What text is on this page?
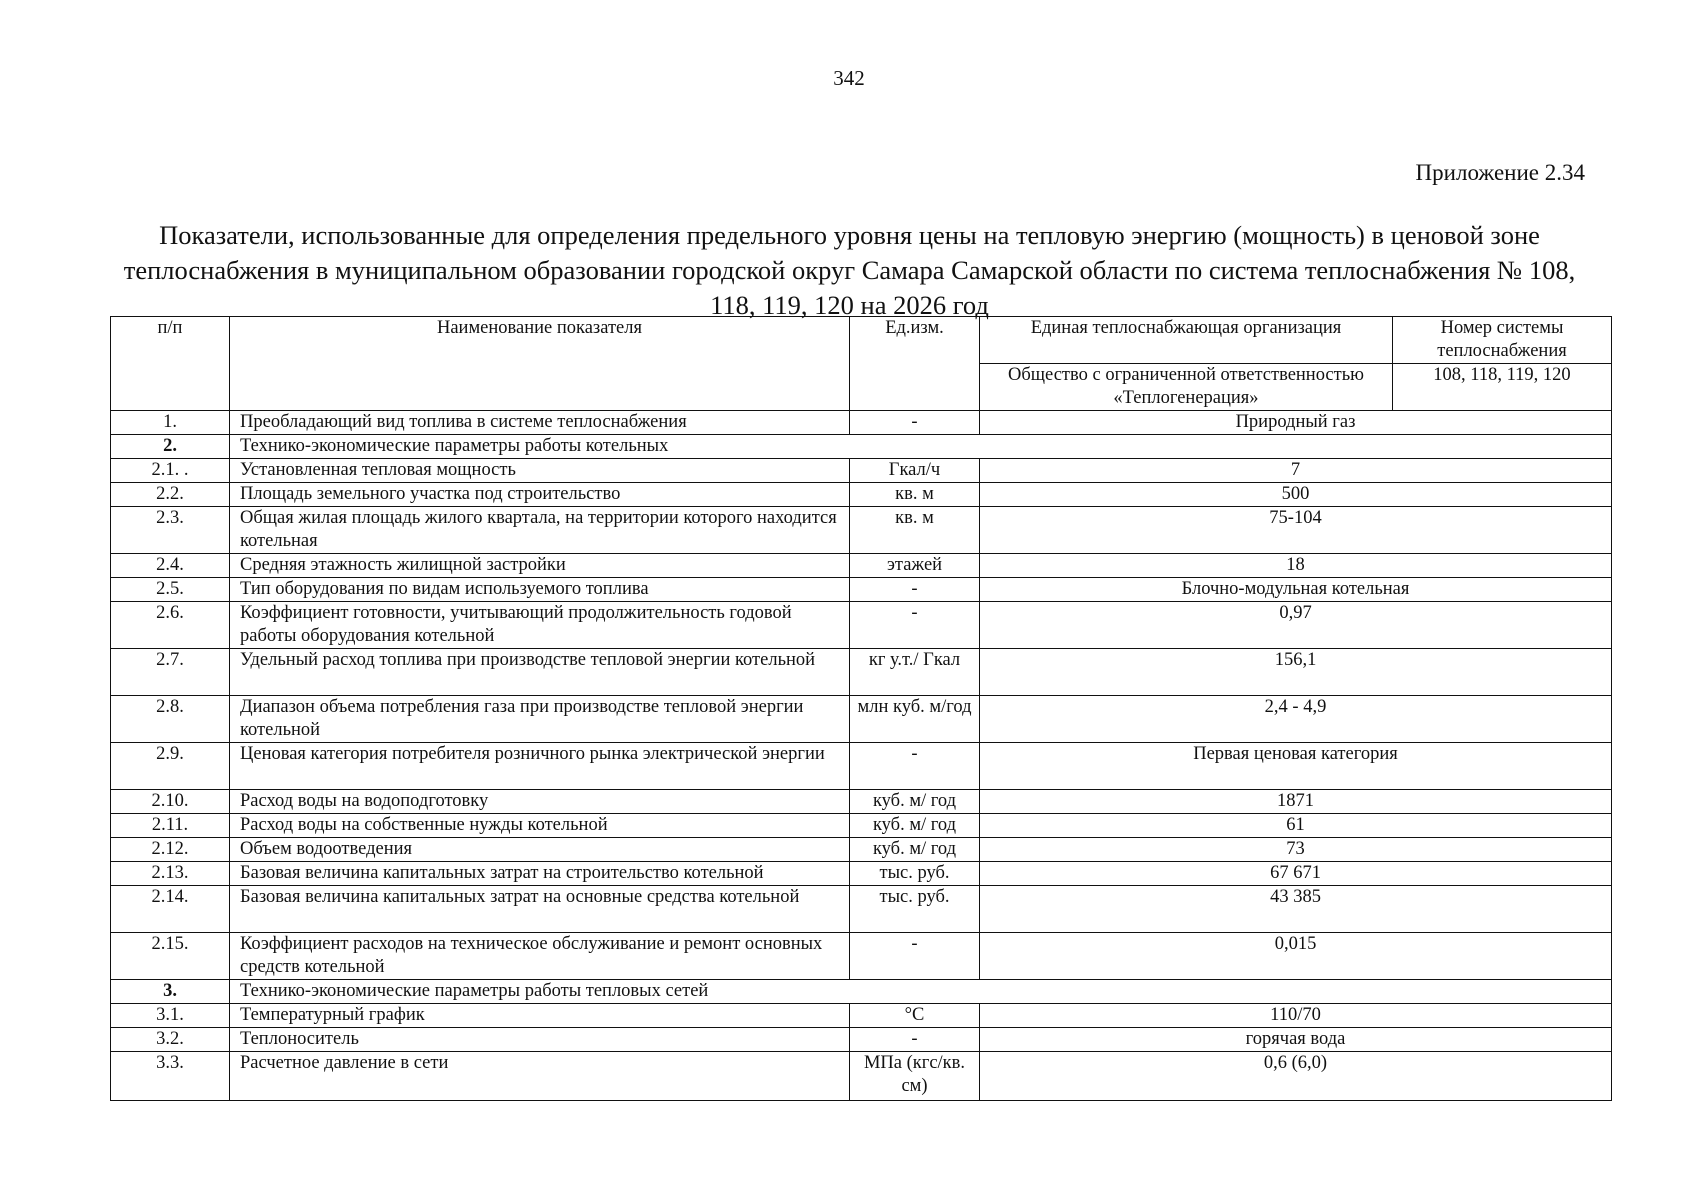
342
Приложение 2.34
Показатели, использованные для определения предельного уровня цены на тепловую энергию (мощность) в ценовой зоне теплоснабжения в муниципальном образовании городской округ Самара Самарской области по система теплоснабжения № 108, 118, 119, 120 на 2026 год
п/п	Наименование показателя	Ед.изм.	Единая теплоснабжающая организация	Номер системы теплоснабжения
			Общество с ограниченной ответственностью «Теплогенерация»	108, 118, 119, 120
1.	Преобладающий вид топлива в системе теплоснабжения	-	Природный газ	
2.	Технико-экономические параметры работы котельных			
2.1. .	Установленная тепловая мощность	Гкал/ч	7	
2.2.	Площадь земельного участка под строительство	кв. м	500	
2.3.	Общая жилая площадь жилого квартала, на территории которого находится котельная	кв. м	75-104	
2.4.	Средняя этажность жилищной застройки	этажей	18	
2.5.	Тип оборудования по видам используемого топлива	-	Блочно-модульная котельная	
2.6.	Коэффициент готовности, учитывающий продолжительность годовой работы оборудования котельной	-	0,97	
2.7.	Удельный расход топлива при производстве тепловой энергии котельной	кг у.т./ Гкал	156,1	
2.8.	Диапазон объема потребления газа при производстве тепловой энергии котельной	млн куб. м/год	2,4 - 4,9	
2.9.	Ценовая категория потребителя розничного рынка электрической энергии	-	Первая ценовая категория	
2.10.	Расход воды на водоподготовку	куб. м/ год	1871	
2.11.	Расход воды на собственные нужды котельной	куб. м/ год	61	
2.12.	Объем водоотведения	куб. м/ год	73	
2.13.	Базовая величина капитальных затрат на строительство котельной	тыс. руб.	67 671	
2.14.	Базовая величина капитальных затрат на основные средства котельной	тыс. руб.	43 385	
2.15.	Коэффициент расходов на техническое обслуживание и ремонт основных средств котельной	-	0,015	
3.	Технико-экономические параметры работы тепловых сетей			
3.1.	Температурный график	°С	110/70	
3.2.	Теплоноситель	-	горячая вода	
3.3.	Расчетное давление в сети	МПа (кгс/кв. см)	0,6 (6,0)	
